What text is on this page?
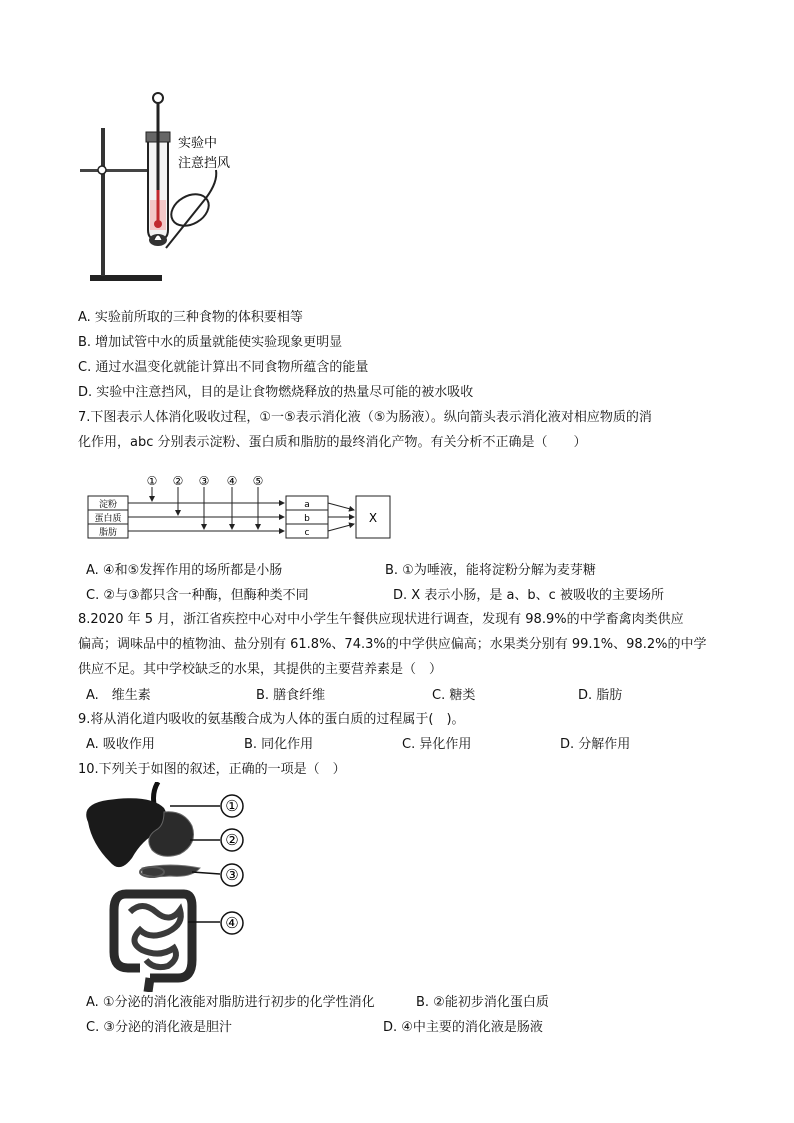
实验中
注意挡风
A. 实验前所取的三种食物的体积要相等
B. 增加试管中水的质量就能使实验现象更明显
C. 通过水温变化就能计算出不同食物所蕴含的能量
D. 实验中注意挡风，目的是让食物燃烧释放的热量尽可能的被水吸收
7.下图表示人体消化吸收过程，①一⑤表示消化液（⑤为肠液）。纵向箭头表示消化液对相应物质的消
化作用，abc 分别表示淀粉、蛋白质和脂肪的最终消化产物。有关分析不正确是（　　）
淀粉
蛋白质
脂肪
① ② ③ ④ ⑤
a
b
c
X
A. ④和⑤发挥作用的场所都是小肠	B. ①为唾液，能将淀粉分解为麦芽糖
C. ②与③都只含一种酶，但酶种类不同	D. X 表示小肠，是 a、b、c 被吸收的主要场所
8.2020 年 5 月，浙江省疾控中心对中小学生午餐供应现状进行调查，发现有 98.9%的中学畜禽肉类供应
偏高；调味品中的植物油、盐分别有 61.8%、74.3%的中学供应偏高；水果类分别有 99.1%、98.2%的中学
供应不足。其中学校缺乏的水果，其提供的主要营养素是（　）
A.　维生素	B. 膳食纤维	C. 糖类	D. 脂肪
9.将从消化道内吸收的氨基酸合成为人体的蛋白质的过程属于(　)。
A. 吸收作用	B. 同化作用	C. 异化作用	D. 分解作用
10.下列关于如图的叙述，正确的一项是（　）
①
②
③
④
A. ①分泌的消化液能对脂肪进行初步的化学性消化	B. ②能初步消化蛋白质
C. ③分泌的消化液是胆汁	D. ④中主要的消化液是肠液
